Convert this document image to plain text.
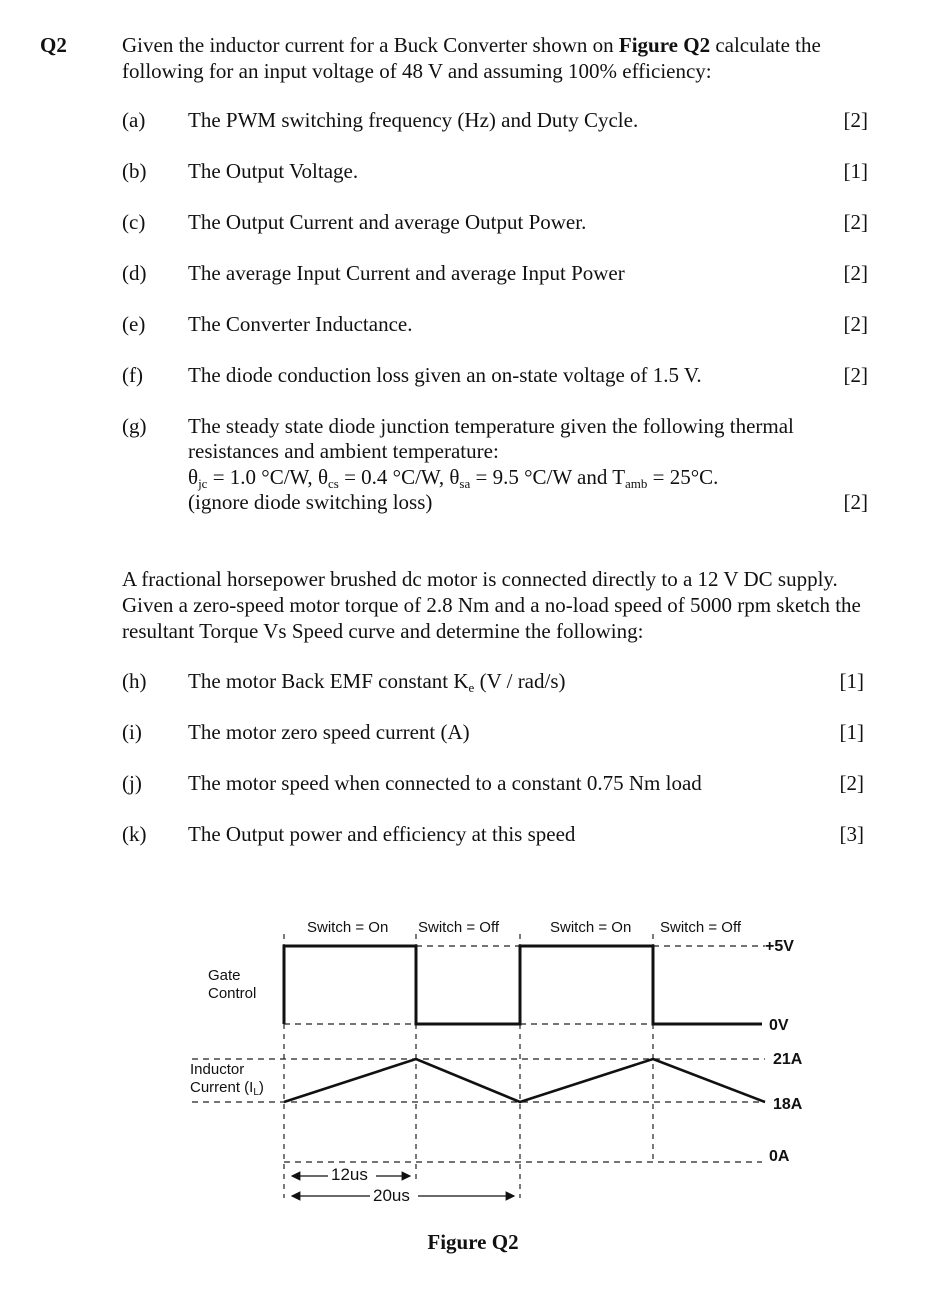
Q2	Given the inductor current for a Buck Converter shown on Figure Q2 calculate the following for an input voltage of 48 V and assuming 100% efficiency:
(a) The PWM switching frequency (Hz) and Duty Cycle.	[2]
(b) The Output Voltage.	[1]
(c) The Output Current and average Output Power.	[2]
(d) The average Input Current and average Input Power	[2]
(e) The Converter Inductance.	[2]
(f) The diode conduction loss given an on-state voltage of 1.5 V.	[2]
(g) The steady state diode junction temperature given the following thermal
resistances and ambient temperature:
$\theta_{jc} = 1.0$ °C/W, $\theta_{cs} = 0.4$ °C/W, $\theta_{sa} = 9.5$ °C/W and $T_{amb} = 25^\circ C$.
(ignore diode switching loss)	[2]
A fractional horsepower brushed dc motor is connected directly to a 12 V DC supply. Given a zero-speed motor torque of 2.8 Nm and a no-load speed of 5000 rpm sketch the resultant Torque Vs Speed curve and determine the following:
(h) The motor Back EMF constant $K_e$ (V / rad/s)	[1]
(i) The motor zero speed current (A)	[1]
(j) The motor speed when connected to a constant 0.75 Nm load	[2]
(k) The Output power and efficiency at this speed	[3]
Switch = On Switch = Off	Switch = On Switch = Off
Gate
Control
Inductor
Current $(I_L)$
+5V
0V
21A
18A
0A
12us
20us
Figure Q2
